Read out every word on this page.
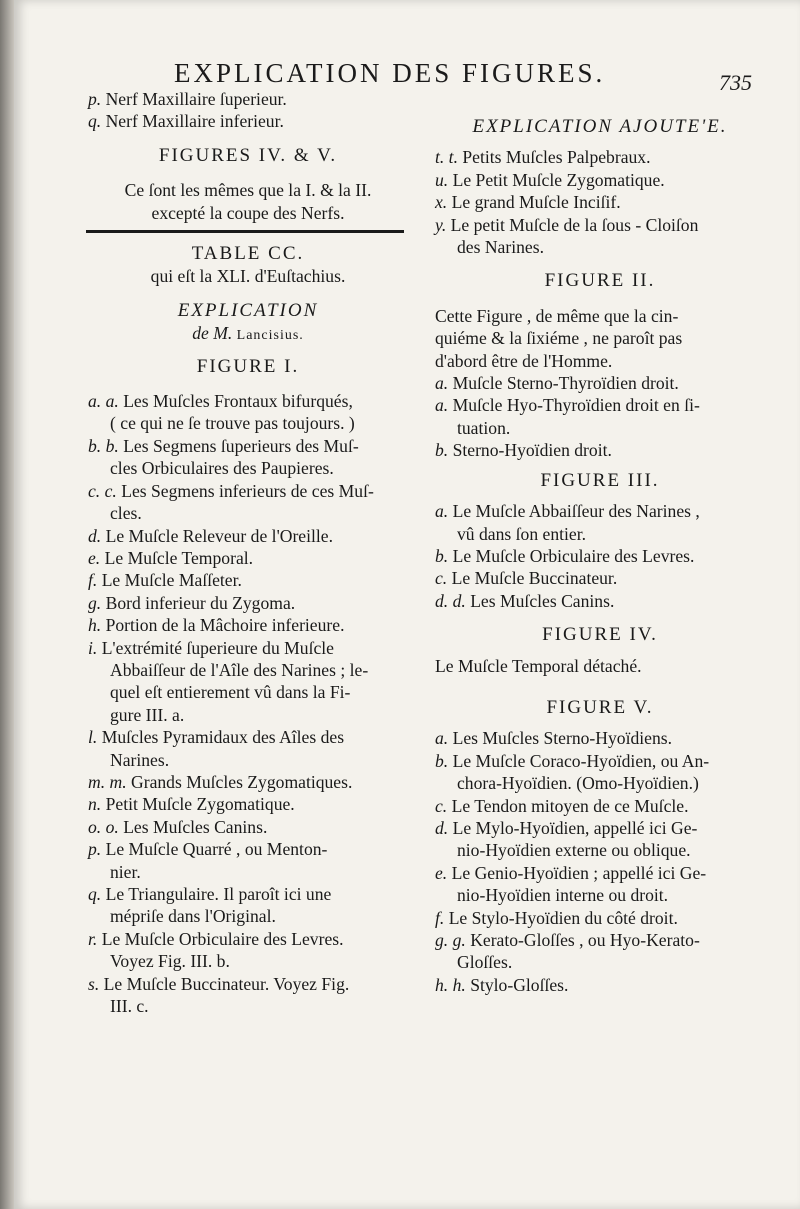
EXPLICATION DES FIGURES.	735
p. Nerf Maxillaire ſuperieur.
q. Nerf Maxillaire inferieur.
FIGURES IV. & V.
Ce ſont les mêmes que la I. & la II.
excepté la coupe des Nerfs.
TABLE CC.
qui eſt la XLI. d'Euſtachius.
EXPLICATION
de M. Lancisius.
FIGURE I.
a. a. Les Muſcles Frontaux bifurqués,
( ce qui ne ſe trouve pas toujours. )
b. b. Les Segmens ſuperieurs des Muſ-
cles Orbiculaires des Paupieres.
c. c. Les Segmens inferieurs de ces Muſ-
cles.
d. Le Muſcle Releveur de l'Oreille.
e. Le Muſcle Temporal.
f. Le Muſcle Maſſeter.
g. Bord inferieur du Zygoma.
h. Portion de la Mâchoire inferieure.
i. L'extrémité ſuperieure du Muſcle
Abbaiſſeur de l'Aîle des Narines ; le-
quel eſt entierement vû dans la Fi-
gure III. a.
l. Muſcles Pyramidaux des Aîles des
Narines.
m. m. Grands Muſcles Zygomatiques.
n. Petit Muſcle Zygomatique.
o. o. Les Muſcles Canins.
p. Le Muſcle Quarré , ou Menton-
nier.
q. Le Triangulaire. Il paroît ici une
mépriſe dans l'Original.
r. Le Muſcle Orbiculaire des Levres.
Voyez Fig. III. b.
s. Le Muſcle Buccinateur. Voyez Fig.
III. c.
EXPLICATION AJOUTE'E.
t. t. Petits Muſcles Palpebraux.
u. Le Petit Muſcle Zygomatique.
x. Le grand Muſcle Inciſif.
y. Le petit Muſcle de la ſous - Cloiſon
des Narines.
FIGURE II.
Cette Figure , de même que la cin-
quiéme & la ſixiéme , ne paroît pas
d'abord être de l'Homme.
a. Muſcle Sterno-Thyroïdien droit.
a. Muſcle Hyo-Thyroïdien droit en ſi-
tuation.
b. Sterno-Hyoïdien droit.
FIGURE III.
a. Le Muſcle Abbaiſſeur des Narines ,
vû dans ſon entier.
b. Le Muſcle Orbiculaire des Levres.
c. Le Muſcle Buccinateur.
d. d. Les Muſcles Canins.
FIGURE IV.
Le Muſcle Temporal détaché.
FIGURE V.
a. Les Muſcles Sterno-Hyoïdiens.
b. Le Muſcle Coraco-Hyoïdien, ou An-
chora-Hyoïdien. (Omo-Hyoïdien.)
c. Le Tendon mitoyen de ce Muſcle.
d. Le Mylo-Hyoïdien, appellé ici Ge-
nio-Hyoïdien externe ou oblique.
e. Le Genio-Hyoïdien ; appellé ici Ge-
nio-Hyoïdien interne ou droit.
f. Le Stylo-Hyoïdien du côté droit.
g. g. Kerato-Gloſſes , ou Hyo-Kerato-
Gloſſes.
h. h. Stylo-Gloſſes.
